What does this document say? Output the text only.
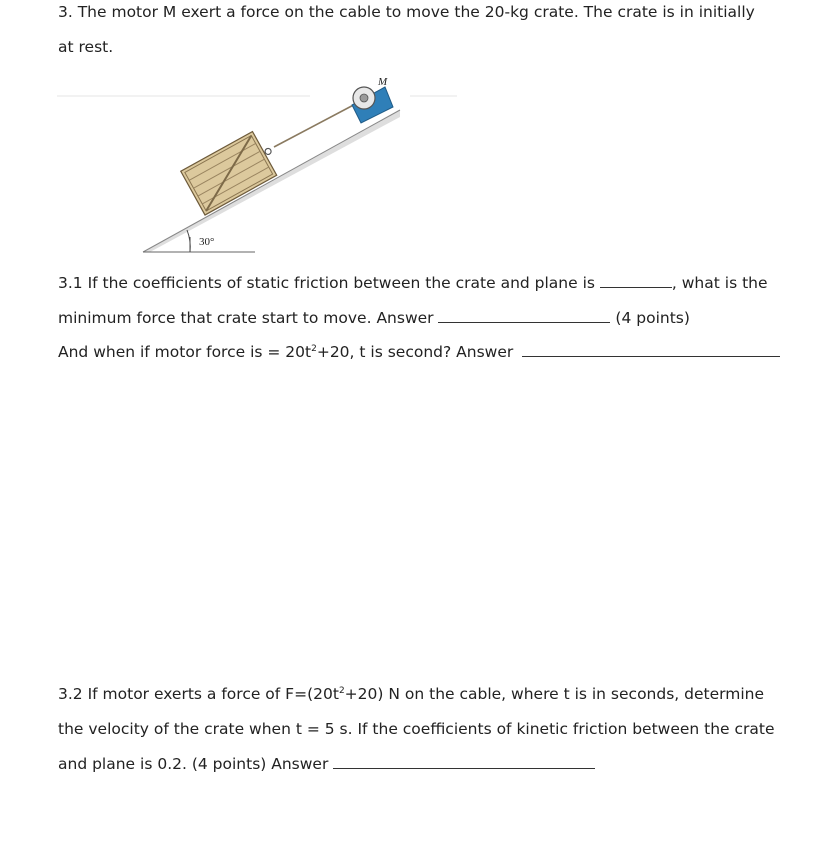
3. The motor M exert a force on the cable to move the 20-kg crate. The crate is in initially
at rest.
30°
M
3.1 If the coefficients of static friction between the crate and plane is	, what is the
minimum force that crate start to move. Answer	(4 points)
And when if motor force is = $20t^2+20$, t is second? Answer
3.2 If motor exerts a force of $F=(20t^2+20)$ N on the cable, where t is in seconds, determine
the velocity of the crate when t = 5 s. If the coefficients of kinetic friction between the crate
and plane is 0.2. (4 points) Answer
